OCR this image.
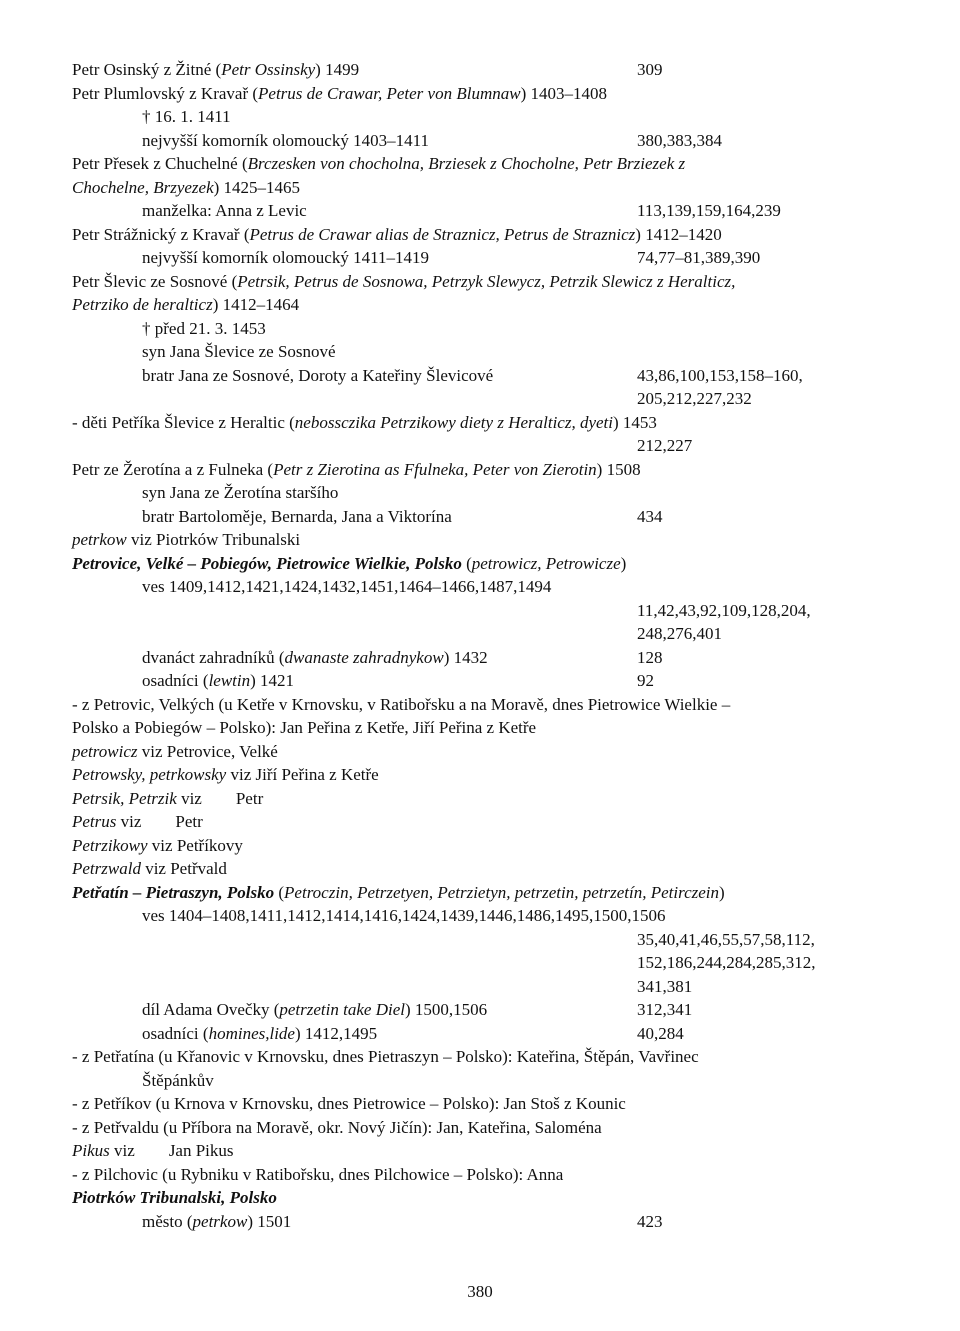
Petr Osinský z Žitné (Petr Ossinsky) 1499	309
Petr Plumlovský z Kravař (Petrus de Crawar, Peter von Blumnaw) 1403–1408
† 16. 1. 1411
nejvyšší komorník olomoucký 1403–1411	380,383,384
Petr Přesek z Chuchelné (Brczesken von chocholna, Brziesek z Chocholne, Petr Brziezek z
Chochelne, Brzyezek) 1425–1465
manželka: Anna z Levic	113,139,159,164,239
Petr Strážnický z Kravař (Petrus de Crawar alias de Straznicz, Petrus de Straznicz) 1412–1420
nejvyšší komorník olomoucký 1411–1419	74,77–81,389,390
Petr Šlevic ze Sosnové (Petrsik, Petrus de Sosnowa, Petrzyk Slewycz, Petrzik Slewicz z Heralticz,
Petrziko de heralticz) 1412–1464
† před 21. 3. 1453
syn Jana Šlevice ze Sosnové
bratr Jana ze Sosnové, Doroty a Kateřiny Šlevicové	43,86,100,153,158–160,
205,212,227,232
- děti Petříka Šlevice z Heraltic (nebossczika Petrzikowy diety z Heralticz, dyeti) 1453
212,227
Petr ze Žerotína a z Fulneka (Petr z Zierotina as Ffulneka, Peter von Zierotin) 1508
syn Jana ze Žerotína staršího
bratr Bartoloměje, Bernarda, Jana a Viktorína	434
petrkow viz Piotrków Tribunalski
Petrovice, Velké – Pobiegów, Pietrowice Wielkie, Polsko (petrowicz, Petrowicze)
ves 1409,1412,1421,1424,1432,1451,1464–1466,1487,1494
11,42,43,92,109,128,204,
248,276,401
dvanáct zahradníků (dwanaste zahradnykow) 1432	128
osadníci (lewtin) 1421	92
- z Petrovic, Velkých (u Ketře v Krnovsku, v Ratibořsku a na Moravě, dnes Pietrowice Wielkie –
Polsko a Pobiegów – Polsko): Jan Peřina z Ketře, Jiří Peřina z Ketře
petrowicz viz Petrovice, Velké
Petrowsky, petrkowsky viz Jiří Peřina z Ketře
Petrsik, Petrzik viz Petr
Petrus viz Petr
Petrzikowy viz Petříkovy
Petrzwald viz Petřvald
Petřatín – Pietraszyn, Polsko (Petroczin, Petrzetyen, Petrzietyn, petrzetin, petrzetín, Petirczein)
ves 1404–1408,1411,1412,1414,1416,1424,1439,1446,1486,1495,1500,1506
35,40,41,46,55,57,58,112,
152,186,244,284,285,312,
341,381
díl Adama Ovečky (petrzetin take Diel) 1500,1506	312,341
osadníci (homines,lide) 1412,1495	40,284
- z Petřatína (u Křanovic v Krnovsku, dnes Pietraszyn – Polsko): Kateřina, Štěpán, Vavřinec
Štěpánkův
- z Petříkov (u Krnova v Krnovsku, dnes Pietrowice – Polsko): Jan Stoš z Kounic
- z Petřvaldu (u Příbora na Moravě, okr. Nový Jičín): Jan, Kateřina, Saloména
Pikus viz Jan Pikus
- z Pilchovic (u Rybniku v Ratibořsku, dnes Pilchowice – Polsko): Anna
Piotrków Tribunalski, Polsko
město (petrkow) 1501	423
380
